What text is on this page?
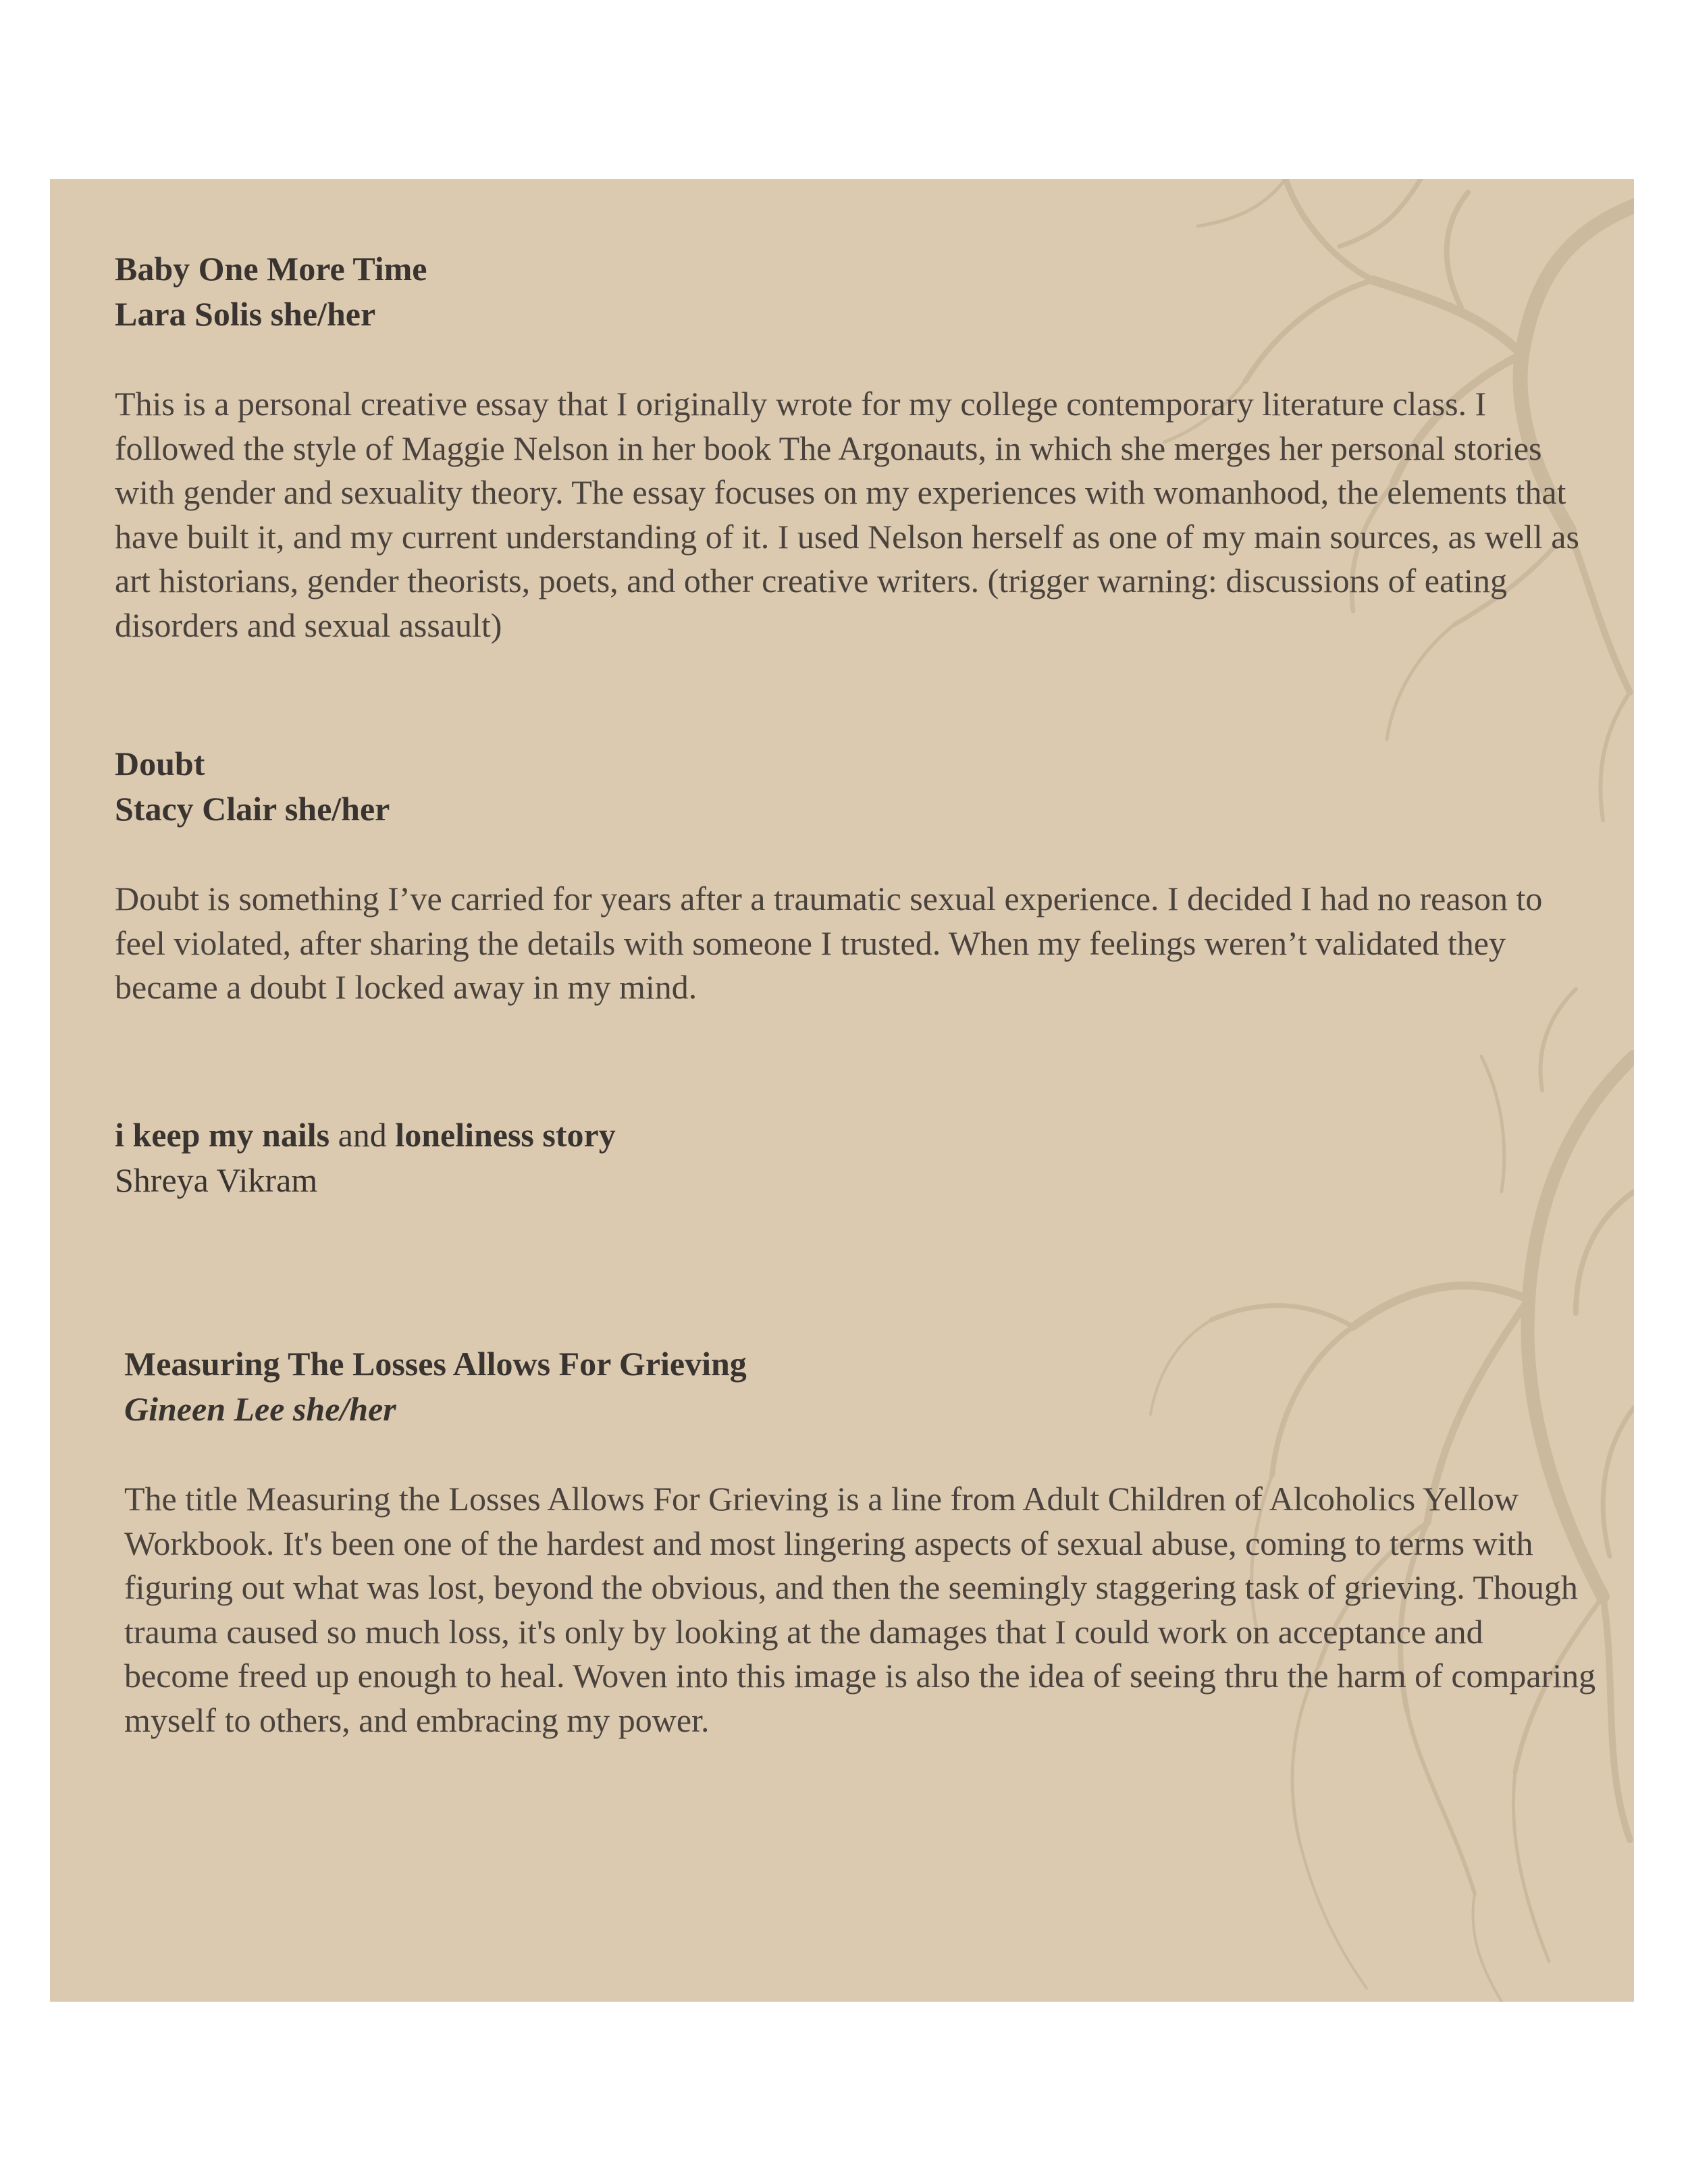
Baby One More Time

Lara Solis she/her

This is a personal creative essay that I originally wrote for my college contemporary literature class. I followed the style of Maggie Nelson in her book The Argonauts, in which she merges her personal stories with gender and sexuality theory. The essay focuses on my experiences with womanhood, the elements that have built it, and my current understanding of it. I used Nelson herself as one of my main sources, as well as art historians, gender theorists, poets, and other creative writers. (trigger warning: discussions of eating disorders and sexual assault)

Doubt

Stacy Clair she/her

Doubt is something I’ve carried for years after a traumatic sexual experience. I decided I had no reason to feel violated, after sharing the details with someone I trusted. When my feelings weren’t validated they became a doubt I locked away in my mind.

i keep my nails and loneliness story

Shreya Vikram

Measuring The Losses Allows For Grieving

Gineen Lee she/her

The title Measuring the Losses Allows For Grieving is a line from Adult Children of Alcoholics Yellow Workbook. It's been one of the hardest and most lingering aspects of sexual abuse, coming to terms with figuring out what was lost, beyond the obvious, and then the seemingly staggering task of grieving. Though trauma caused so much loss, it's only by looking at the damages that I could work on acceptance and become freed up enough to heal. Woven into this image is also the idea of seeing thru the harm of comparing myself to others, and embracing my power.
